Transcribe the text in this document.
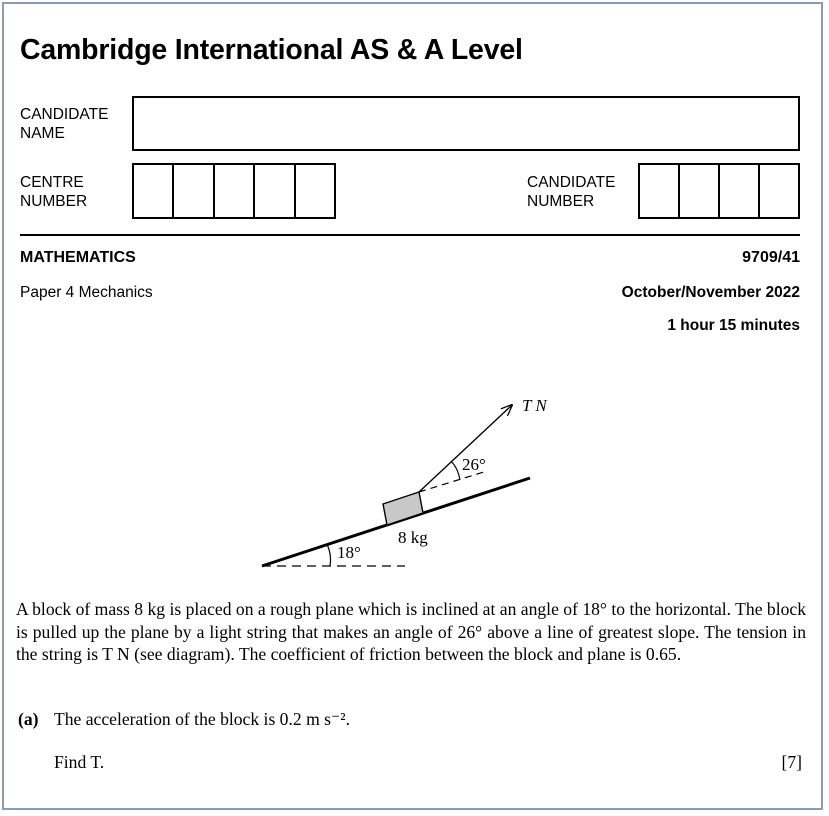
Cambridge International AS & A Level
CANDIDATE
NAME
CENTRE
NUMBER
CANDIDATE
NUMBER
MATHEMATICS	9709/41
Paper 4 Mechanics	October/November 2022
1 hour 15 minutes
T N
26°
8 kg
18°
A block of mass 8 kg is placed on a rough plane which is inclined at an angle of 18° to the horizontal. The block is pulled up the plane by a light string that makes an angle of 26° above a line of greatest slope. The tension in the string is T N (see diagram). The coefficient of friction between the block and plane is 0.65.
(a) The acceleration of the block is 0.2 m s⁻².
Find T.	[7]
